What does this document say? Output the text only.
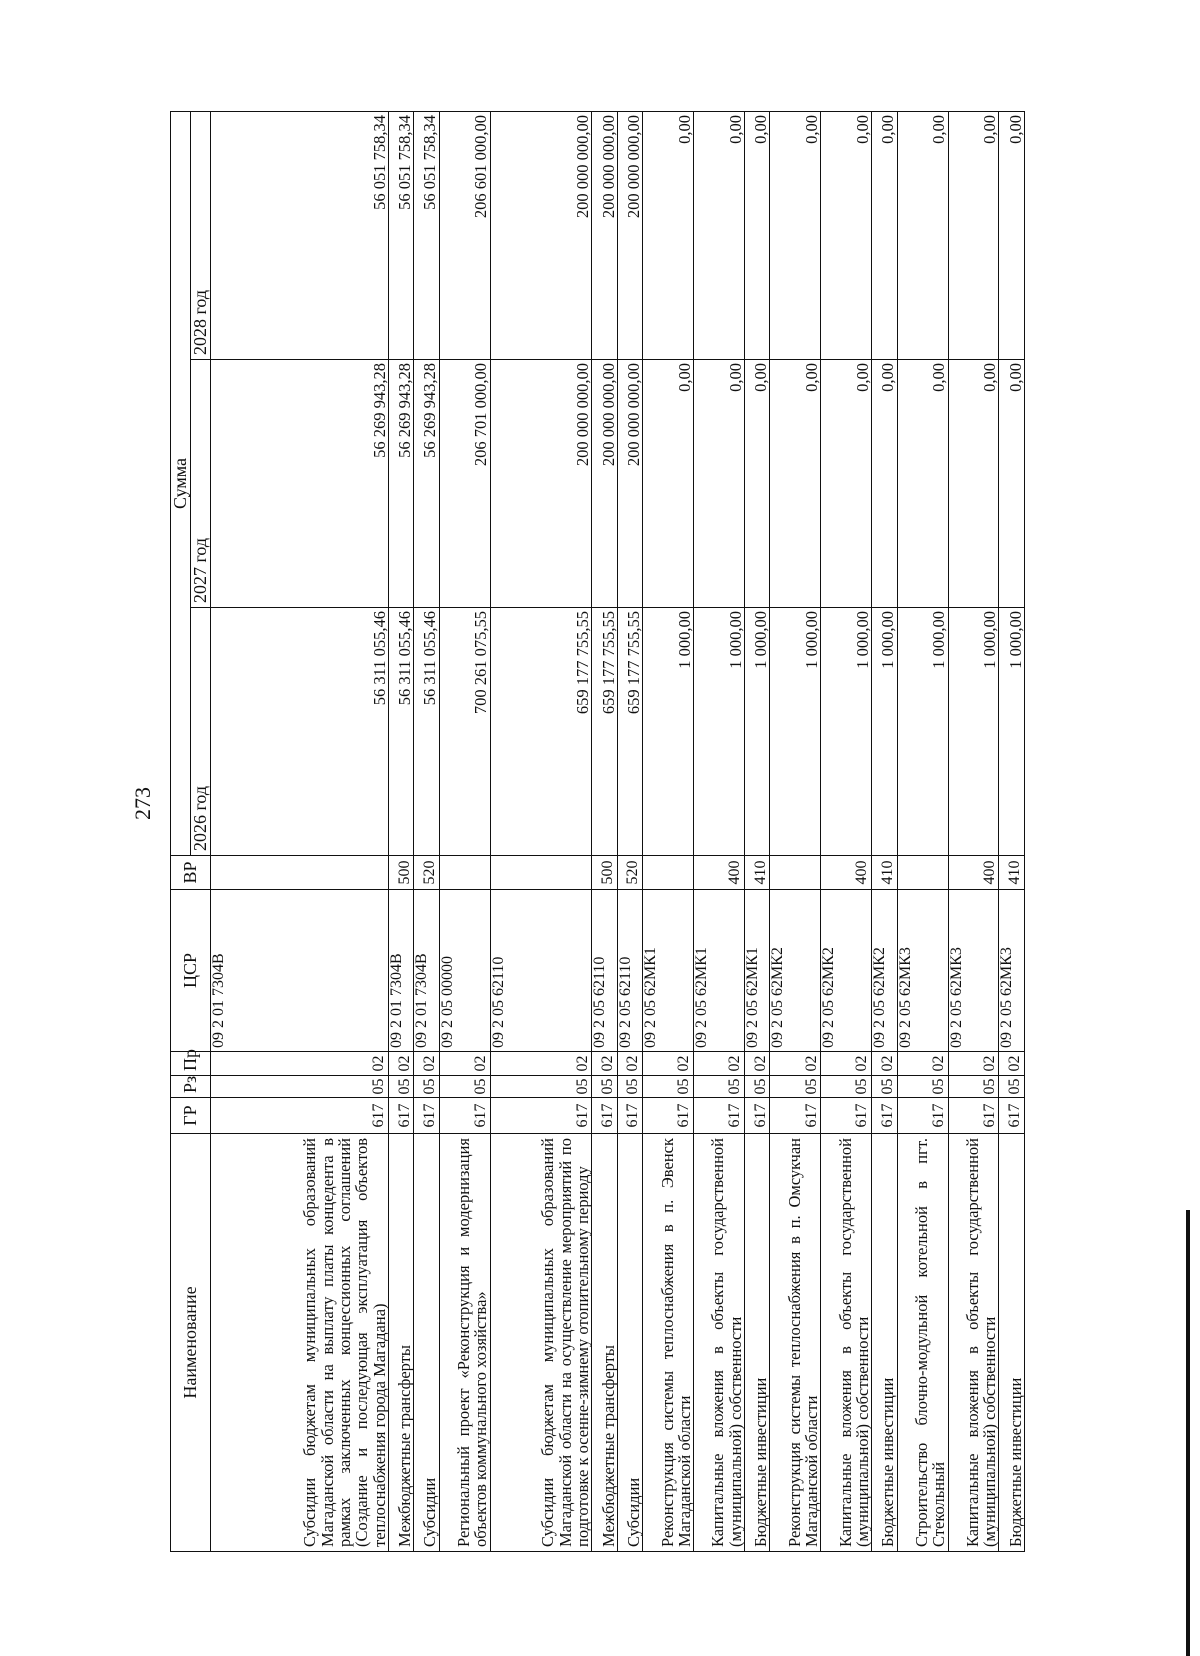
273
Наименование	ГР	Рз	Пр	ЦСР	ВР	Сумма		
						2026 год	2027 год	2028 год
Субсидии бюджетам муниципальных образований Магаданской области на выплату платы концедента в рамках заключенных концессионных соглашений (Создание и последующая эксплуатация объектов теплоснабжения города Магадана)	617	05	02	09 2 01 7304В		56 311 055,46	56 269 943,28	56 051 758,34
Межбюджетные трансферты	617	05	02	09 2 01 7304В	500	56 311 055,46	56 269 943,28	56 051 758,34
Субсидии	617	05	02	09 2 01 7304В	520	56 311 055,46	56 269 943,28	56 051 758,34
Региональный проект «Реконструкция и модернизация объектов коммунального хозяйства»	617	05	02	09 2 05 00000		700 261 075,55	206 701 000,00	206 601 000,00
Субсидии бюджетам муниципальных образований Магаданской области на осуществление мероприятий по подготовке к осенне-зимнему отопительному периоду	617	05	02	09 2 05 62110		659 177 755,55	200 000 000,00	200 000 000,00
Межбюджетные трансферты	617	05	02	09 2 05 62110	500	659 177 755,55	200 000 000,00	200 000 000,00
Субсидии	617	05	02	09 2 05 62110	520	659 177 755,55	200 000 000,00	200 000 000,00
Реконструкция системы теплоснабжения в п. Эвенск Магаданской области	617	05	02	09 2 05 62МК1		1 000,00	0,00	0,00
Капитальные вложения в объекты государственной (муниципальной) собственности	617	05	02	09 2 05 62МК1	400	1 000,00	0,00	0,00
Бюджетные инвестиции	617	05	02	09 2 05 62МК1	410	1 000,00	0,00	0,00
Реконструкция системы теплоснабжения в п. Омсукчан Магаданской области	617	05	02	09 2 05 62МК2		1 000,00	0,00	0,00
Капитальные вложения в объекты государственной (муниципальной) собственности	617	05	02	09 2 05 62МК2	400	1 000,00	0,00	0,00
Бюджетные инвестиции	617	05	02	09 2 05 62МК2	410	1 000,00	0,00	0,00
Строительство блочно-модульной котельной в пгт. Стекольный	617	05	02	09 2 05 62МК3		1 000,00	0,00	0,00
Капитальные вложения в объекты государственной (муниципальной) собственности	617	05	02	09 2 05 62МК3	400	1 000,00	0,00	0,00
Бюджетные инвестиции	617	05	02	09 2 05 62МК3	410	1 000,00	0,00	0,00
